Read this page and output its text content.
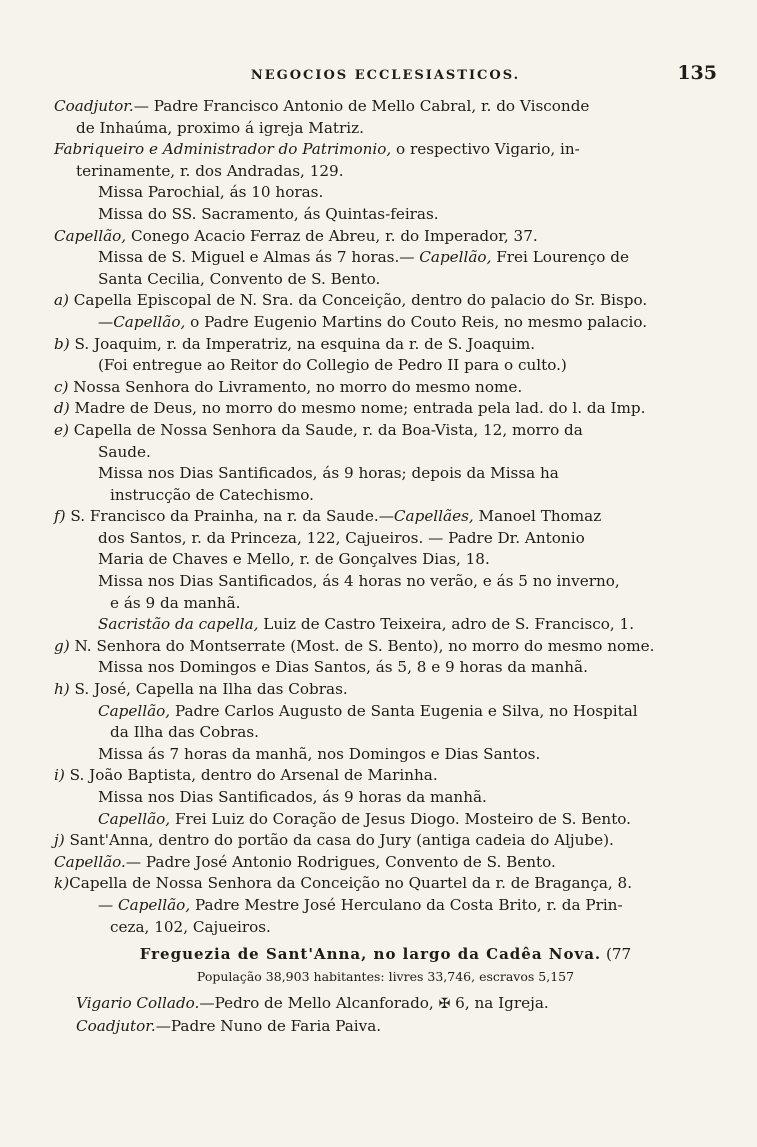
NEGOCIOS ECCLESIASTICOS.	135

Coadjutor.— Padre Francisco Antonio de Mello Cabral, r. do Visconde

de Inhaúma, proximo á igreja Matriz.

Fabriqueiro e Administrador do Patrimonio, o respectivo Vigario, in-

terinamente, r. dos Andradas, 129.

Missa Parochial, ás 10 horas.

Missa do SS. Sacramento, ás Quintas-feiras.

Capellão, Conego Acacio Ferraz de Abreu, r. do Imperador, 37.

Missa de S. Miguel e Almas ás 7 horas.— Capellão, Frei Lourenço de

Santa Cecilia, Convento de S. Bento.

a) Capella Episcopal de N. Sra. da Conceição, dentro do palacio do Sr. Bispo.

—Capellão, o Padre Eugenio Martins do Couto Reis, no mesmo palacio.

b) S. Joaquim, r. da Imperatriz, na esquina da r. de S. Joaquim.

(Foi entregue ao Reitor do Collegio de Pedro II para o culto.)

c) Nossa Senhora do Livramento, no morro do mesmo nome.

d) Madre de Deus, no morro do mesmo nome; entrada pela lad. do l. da Imp.

e) Capella de Nossa Senhora da Saude, r. da Boa-Vista, 12, morro da

Saude.

Missa nos Dias Santificados, ás 9 horas; depois da Missa ha

instrucção de Catechismo.

f) S. Francisco da Prainha, na r. da Saude.—Capellães, Manoel Thomaz

dos Santos, r. da Princeza, 122, Cajueiros. — Padre Dr. Antonio

Maria de Chaves e Mello, r. de Gonçalves Dias, 18.

Missa nos Dias Santificados, ás 4 horas no verão, e ás 5 no inverno,

e ás 9 da manhã.

Sacristão da capella, Luiz de Castro Teixeira, adro de S. Francisco, 1.

g) N. Senhora do Montserrate (Most. de S. Bento), no morro do mesmo nome.

Missa nos Domingos e Dias Santos, ás 5, 8 e 9 horas da manhã.

h) S. José, Capella na Ilha das Cobras.

Capellão, Padre Carlos Augusto de Santa Eugenia e Silva, no Hospital

da Ilha das Cobras.

Missa ás 7 horas da manhã, nos Domingos e Dias Santos.

i) S. João Baptista, dentro do Arsenal de Marinha.

Missa nos Dias Santificados, ás 9 horas da manhã.

Capellão, Frei Luiz do Coração de Jesus Diogo. Mosteiro de S. Bento.

j) Sant'Anna, dentro do portão da casa do Jury (antiga cadeia do Aljube).

Capellão.— Padre José Antonio Rodrigues, Convento de S. Bento.

k)Capella de Nossa Senhora da Conceição no Quartel da r. de Bragança, 8.

— Capellão, Padre Mestre José Herculano da Costa Brito, r. da Prin-

ceza, 102, Cajueiros.

Freguezia de Sant'Anna, no largo da Cadêa Nova. (77

População 38,903 habitantes: livres 33,746, escravos 5,157

Vigario Collado.—Pedro de Mello Alcanforado, ✠ 6, na Igreja.

Coadjutor.—Padre Nuno de Faria Paiva.
